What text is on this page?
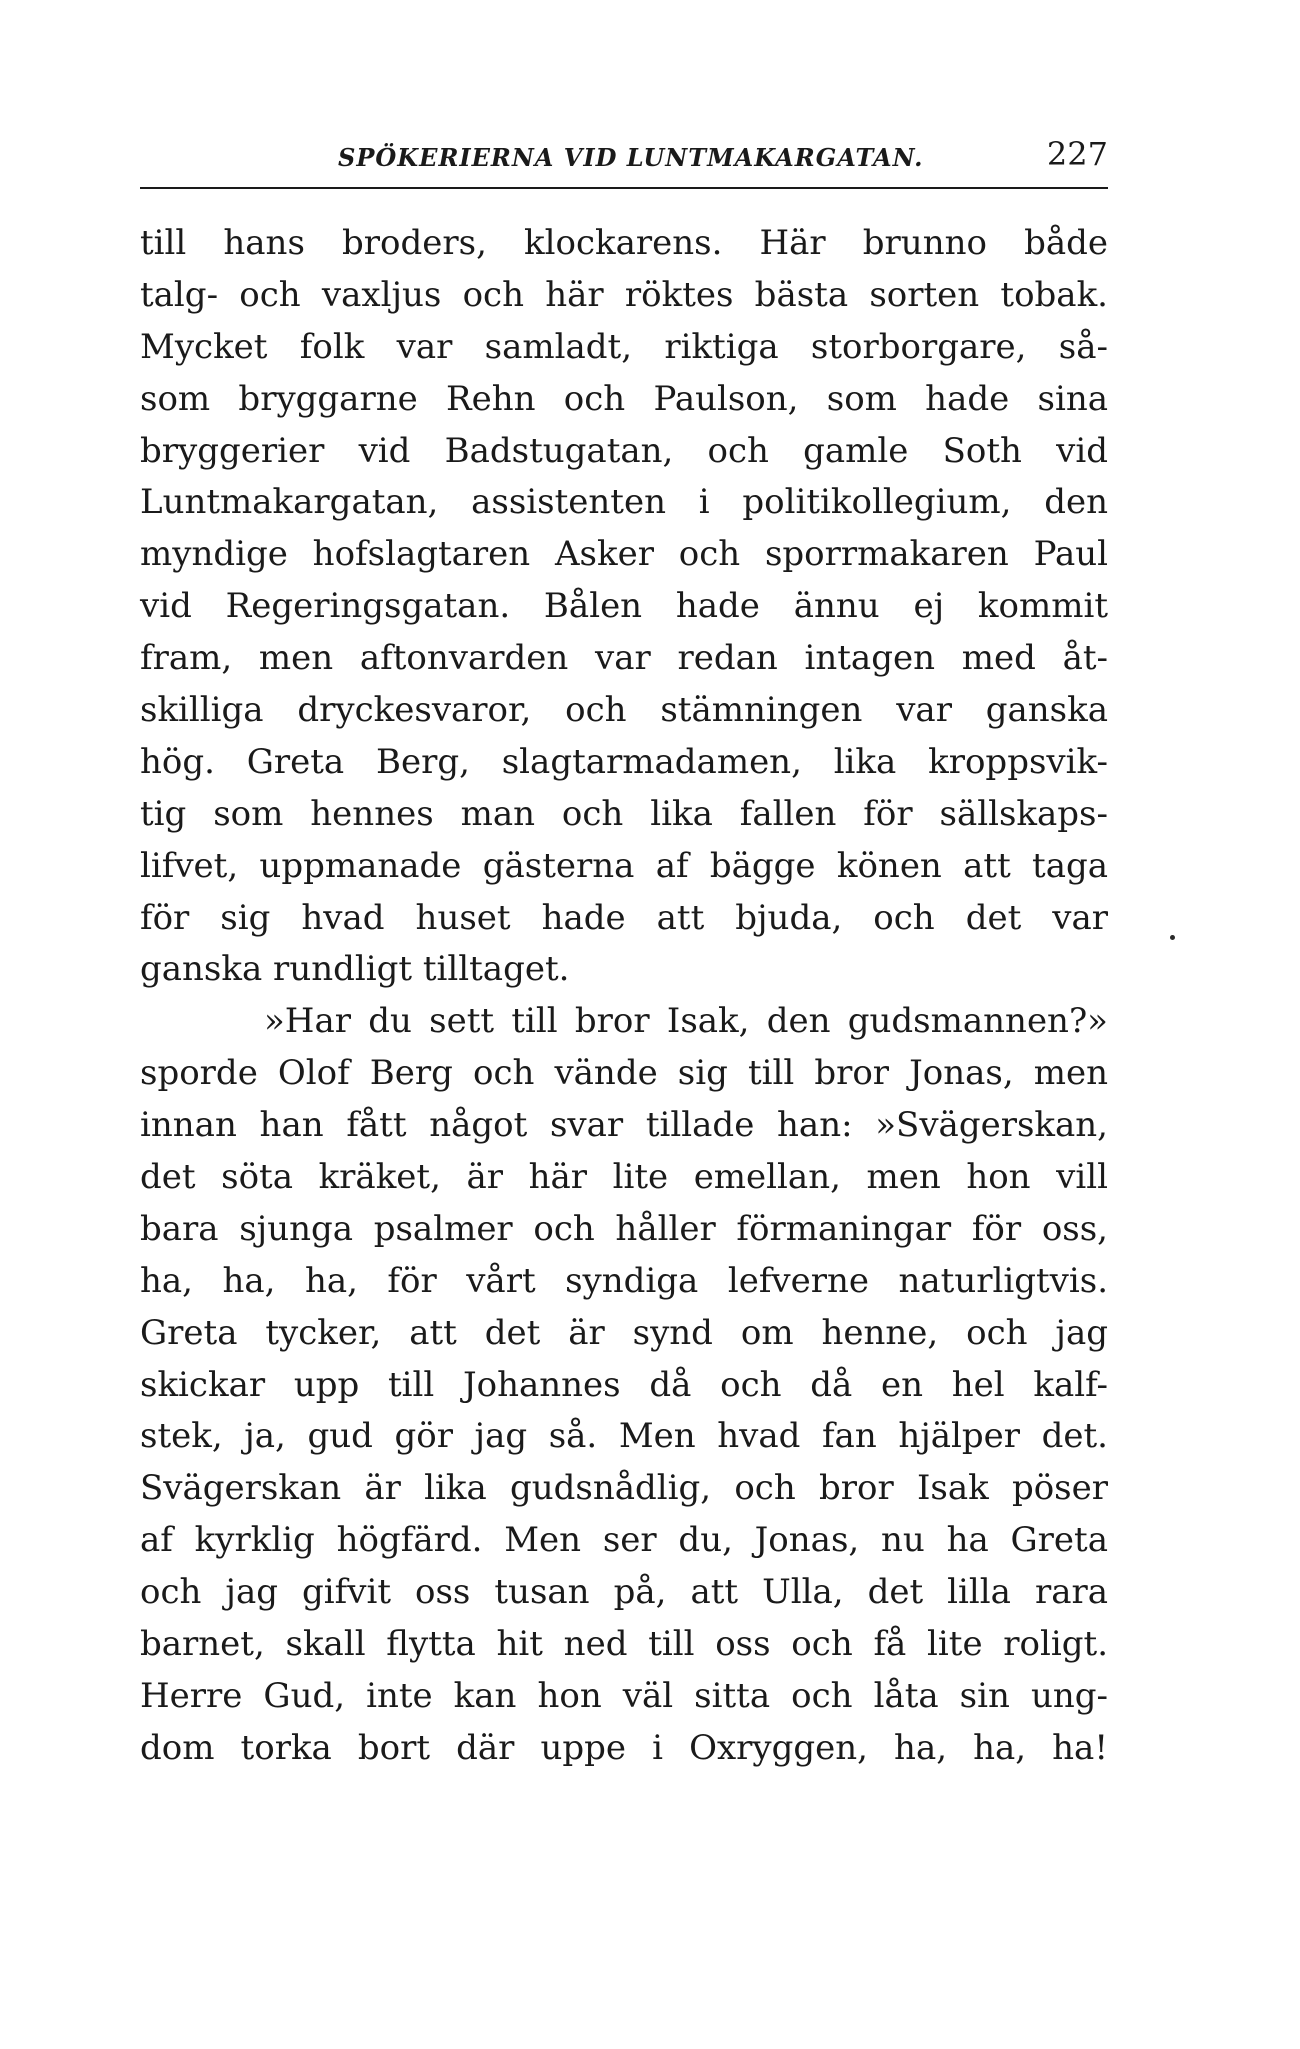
SPÖKERIERNA VID LUNTMAKARGATAN.	227
till hans broders, klockarens. Här brunno både
talg- och vaxljus och här röktes bästa sorten tobak.
Mycket folk var samladt, riktiga storborgare, så-
som bryggarne Rehn och Paulson, som hade sina
bryggerier vid Badstugatan, och gamle Soth vid
Luntmakargatan, assistenten i politikollegium, den
myndige hofslagtaren Asker och sporrmakaren Paul
vid Regeringsgatan. Bålen hade ännu ej kommit
fram, men aftonvarden var redan intagen med åt-
skilliga dryckesvaror, och stämningen var ganska
hög. Greta Berg, slagtarmadamen, lika kroppsvik-
tig som hennes man och lika fallen för sällskaps-
lifvet, uppmanade gästerna af bägge könen att taga
för sig hvad huset hade att bjuda, och det var
ganska rundligt tilltaget.
»Har du sett till bror Isak, den gudsmannen?»
sporde Olof Berg och vände sig till bror Jonas, men
innan han fått något svar tillade han: »Svägerskan,
det söta kräket, är här lite emellan, men hon vill
bara sjunga psalmer och håller förmaningar för oss,
ha, ha, ha, för vårt syndiga lefverne naturligtvis.
Greta tycker, att det är synd om henne, och jag
skickar upp till Johannes då och då en hel kalf-
stek, ja, gud gör jag så. Men hvad fan hjälper det.
Svägerskan är lika gudsnådlig, och bror Isak pöser
af kyrklig högfärd. Men ser du, Jonas, nu ha Greta
och jag gifvit oss tusan på, att Ulla, det lilla rara
barnet, skall flytta hit ned till oss och få lite roligt.
Herre Gud, inte kan hon väl sitta och låta sin ung-
dom torka bort där uppe i Oxryggen, ha, ha, ha!
